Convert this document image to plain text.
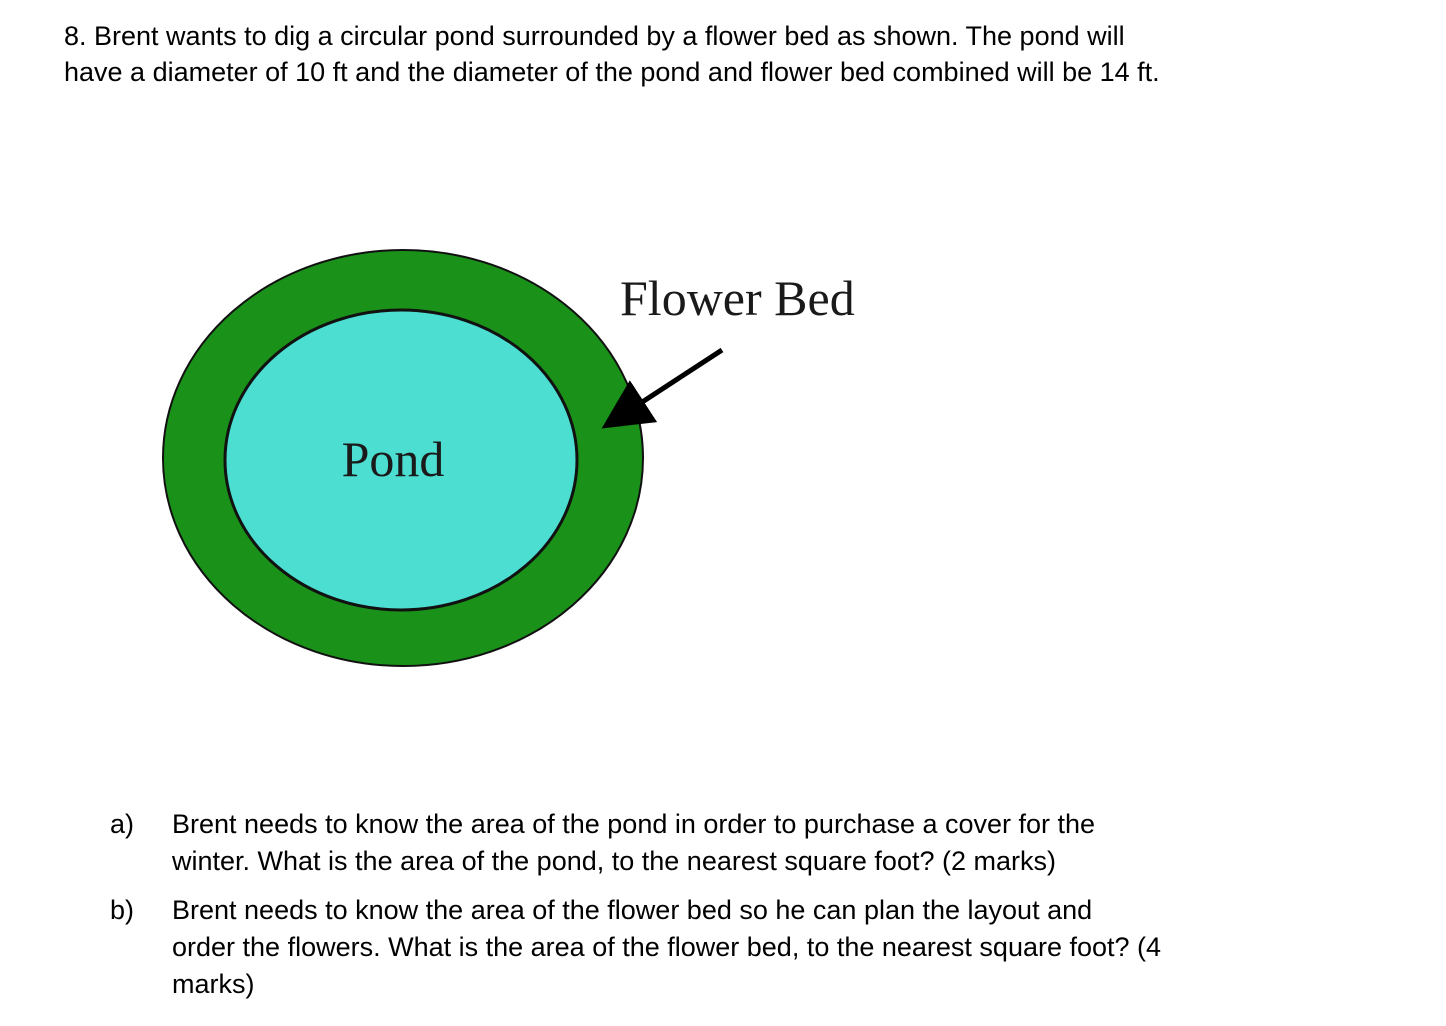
8. Brent wants to dig a circular pond surrounded by a flower bed as shown. The pond will
have a diameter of 10 ft and the diameter of the pond and flower bed combined will be 14 ft.
Pond
Flower Bed
a) Brent needs to know the area of the pond in order to purchase a cover for the
winter. What is the area of the pond, to the nearest square foot? (2 marks)
b) Brent needs to know the area of the flower bed so he can plan the layout and
order the flowers. What is the area of the flower bed, to the nearest square foot? (4
marks)
